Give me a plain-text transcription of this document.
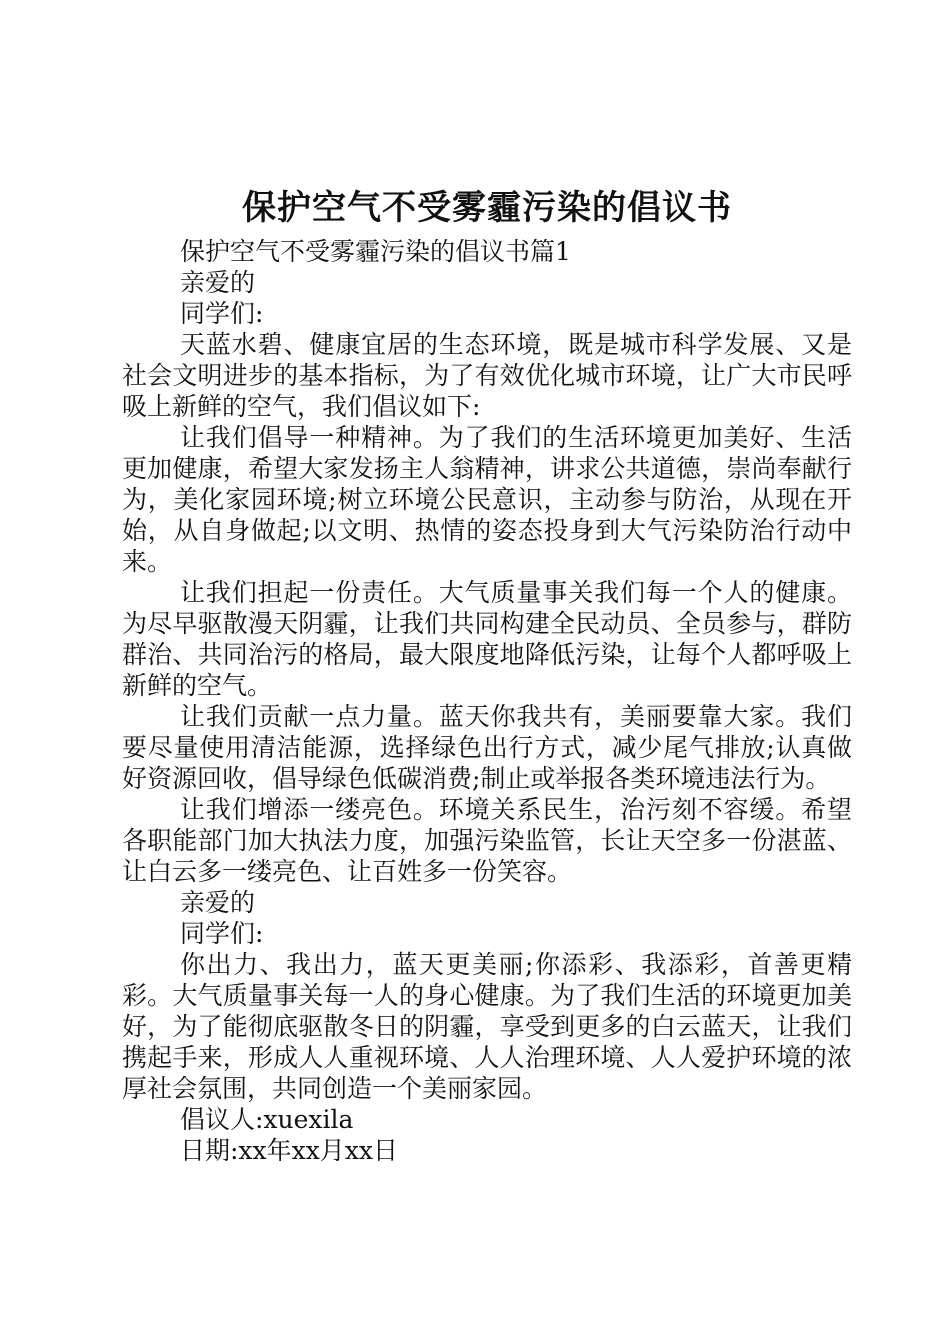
保护空气不受雾霾污染的倡议书

保护空气不受雾霾污染的倡议书篇1

亲爱的

同学们:

天蓝水碧、健康宜居的生态环境，既是城市科学发展、又是社会文明进步的基本指标，为了有效优化城市环境，让广大市民呼吸上新鲜的空气，我们倡议如下:

让我们倡导一种精神。为了我们的生活环境更加美好、生活更加健康，希望大家发扬主人翁精神，讲求公共道德，崇尚奉献行为，美化家园环境;树立环境公民意识，主动参与防治，从现在开始，从自身做起;以文明、热情的姿态投身到大气污染防治行动中来。

让我们担起一份责任。大气质量事关我们每一个人的健康。为尽早驱散漫天阴霾，让我们共同构建全民动员、全员参与，群防群治、共同治污的格局，最大限度地降低污染，让每个人都呼吸上新鲜的空气。

让我们贡献一点力量。蓝天你我共有，美丽要靠大家。我们要尽量使用清洁能源，选择绿色出行方式，减少尾气排放;认真做好资源回收，倡导绿色低碳消费;制止或举报各类环境违法行为。

让我们增添一缕亮色。环境关系民生，治污刻不容缓。希望各职能部门加大执法力度，加强污染监管，长让天空多一份湛蓝、让白云多一缕亮色、让百姓多一份笑容。

亲爱的

同学们:

你出力、我出力，蓝天更美丽;你添彩、我添彩，首善更精彩。大气质量事关每一人的身心健康。为了我们生活的环境更加美好，为了能彻底驱散冬日的阴霾，享受到更多的白云蓝天，让我们携起手来，形成人人重视环境、人人治理环境、人人爱护环境的浓厚社会氛围，共同创造一个美丽家园。

倡议人:xuexila

日期:xx年xx月xx日
